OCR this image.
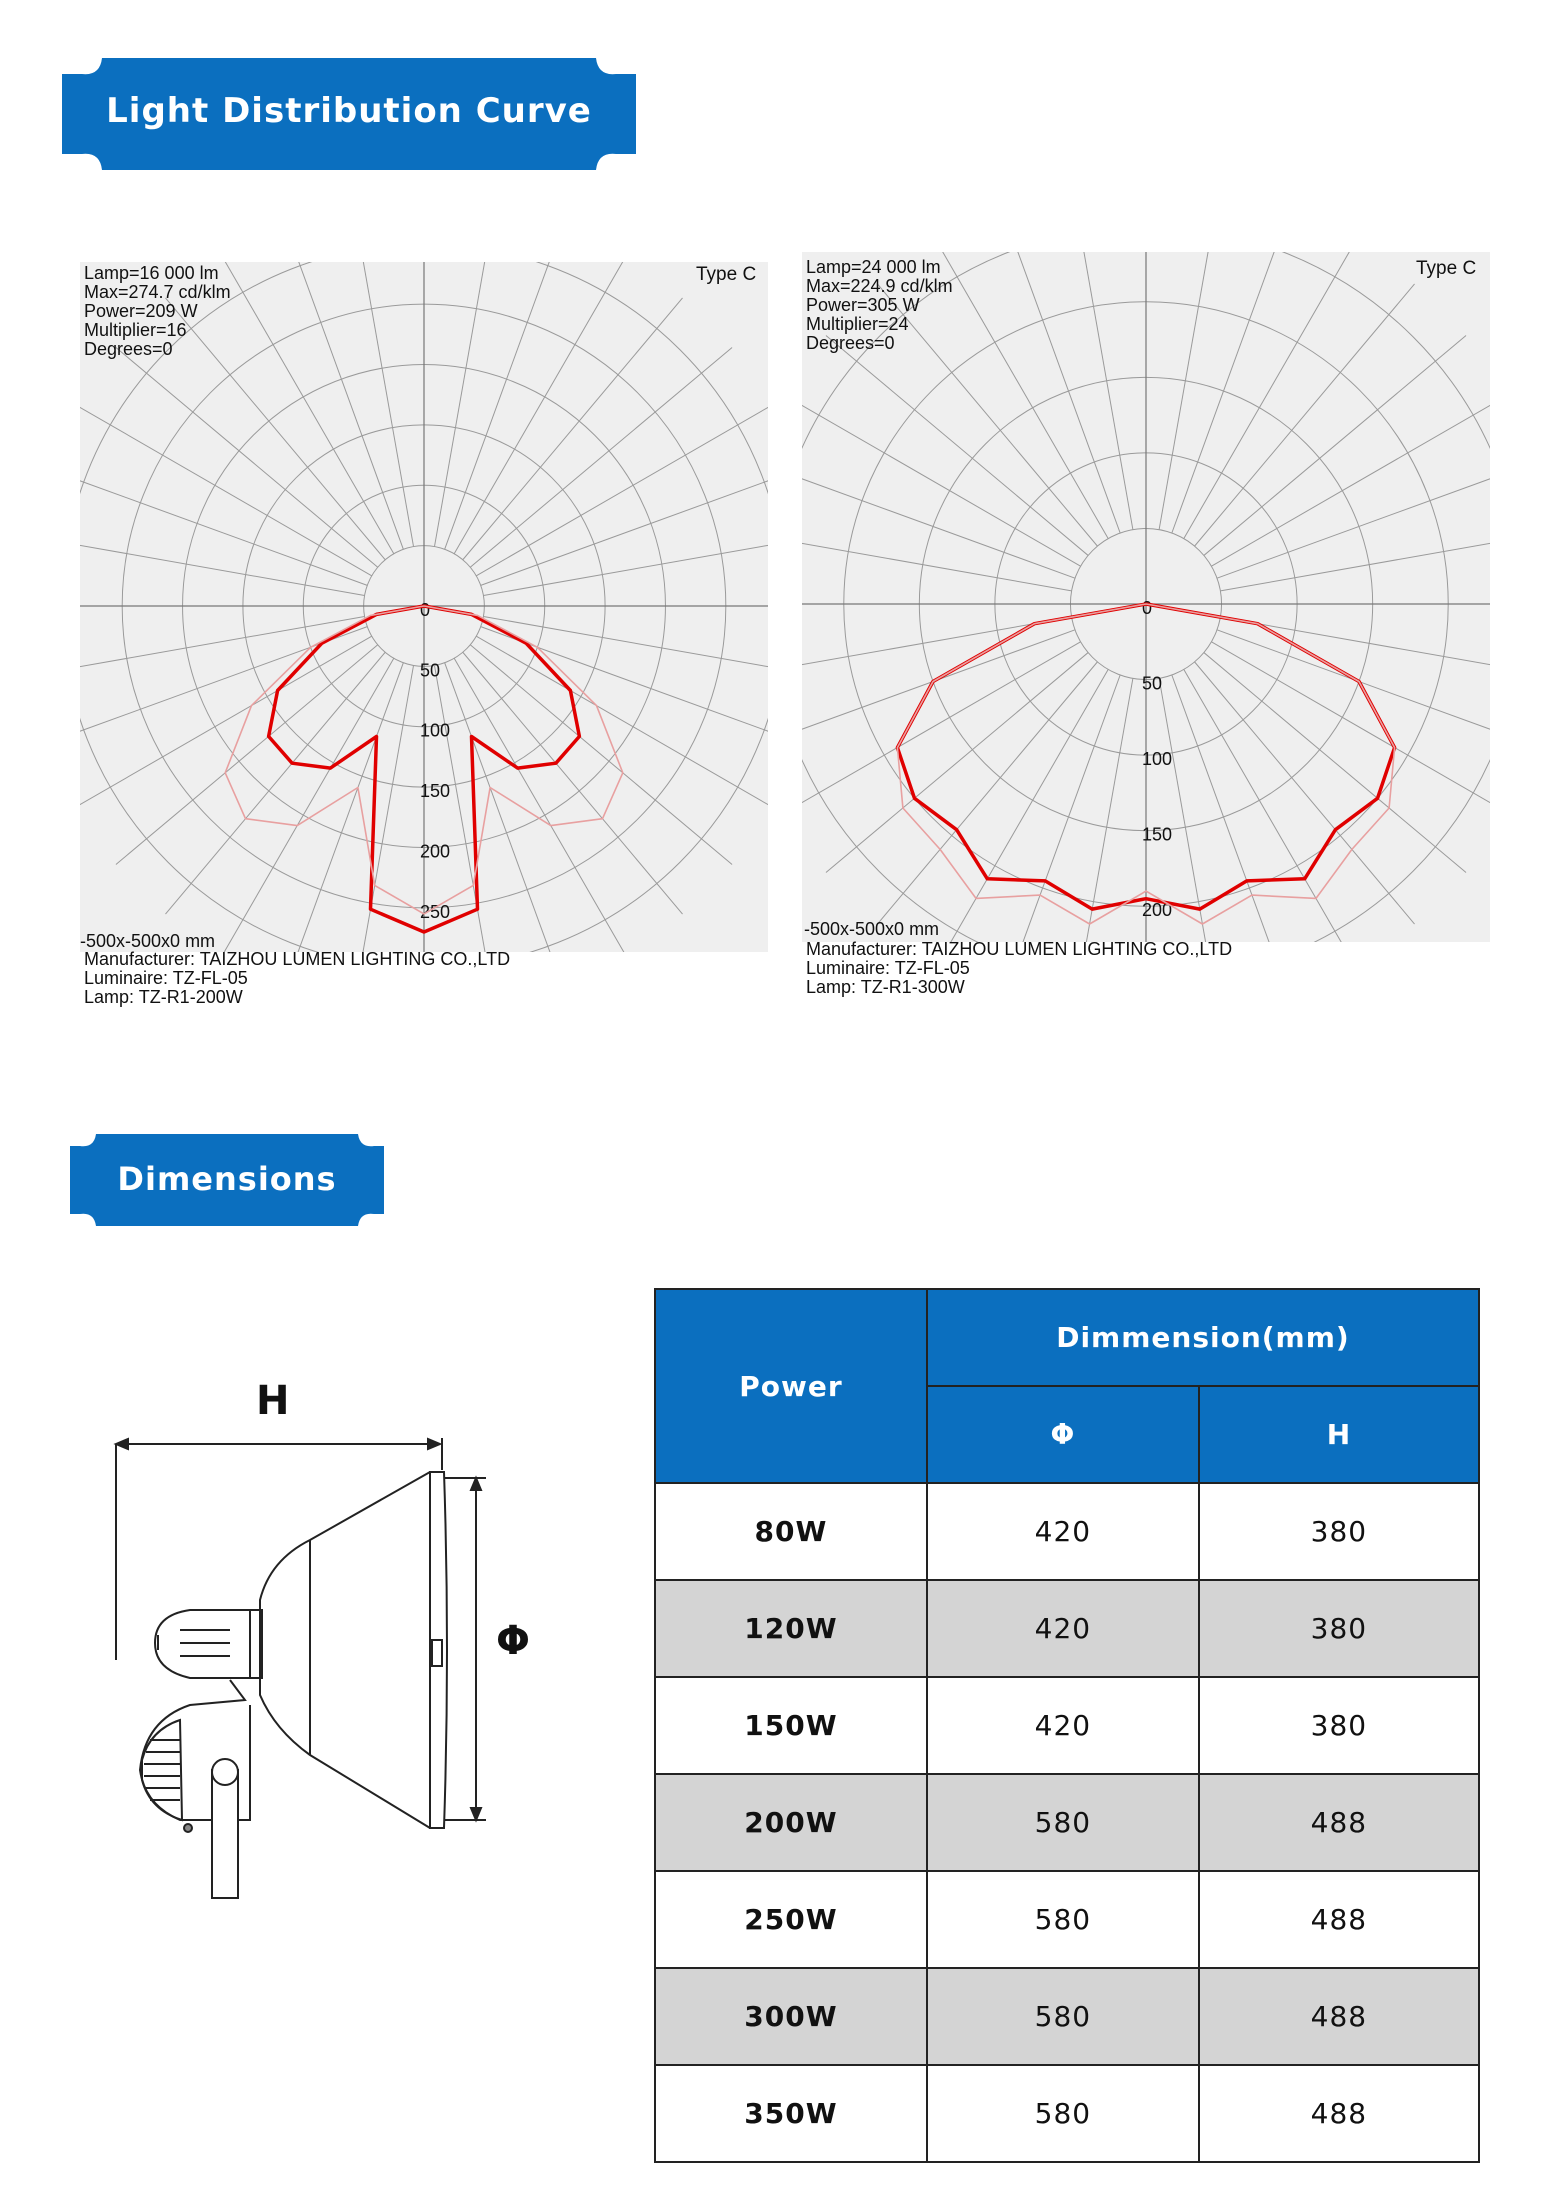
Light Distribution Curve
0
50
100
150
200
250
Lamp=16 000 lm
Max=274.7 cd/klm
Power=209 W
Multiplier=16
Degrees=0
Type C
-500x-500x0 mm
Manufacturer: TAIZHOU LUMEN LIGHTING CO.,LTD
Luminaire: TZ-FL-05
Lamp: TZ-R1-200W
0
50
100
150
200
Lamp=24 000 lm
Max=224.9 cd/klm
Power=305 W
Multiplier=24
Degrees=0
Type C
-500x-500x0 mm
Manufacturer: TAIZHOU LUMEN LIGHTING CO.,LTD
Luminaire: TZ-FL-05
Lamp: TZ-R1-300W
Dimensions
H
Φ
Power	Dimmension(mm)	
	Φ	H
80W	420	380
120W	420	380
150W	420	380
200W	580	488
250W	580	488
300W	580	488
350W	580	488
